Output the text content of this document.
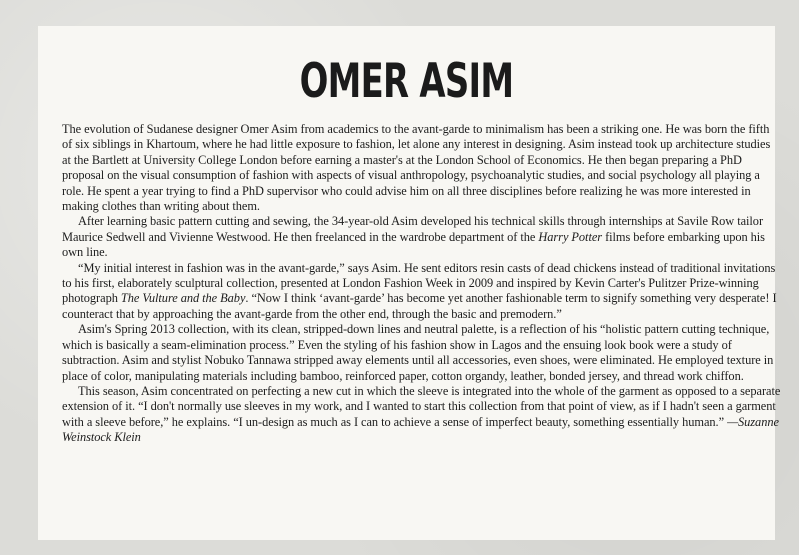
OMER ASIM

The evolution of Sudanese designer Omer Asim from academics to the avant-garde to minimalism has been a striking one. He was born the fifth of six siblings in Khartoum, where he had little exposure to fashion, let alone any interest in designing. Asim instead took up architecture studies at the Bartlett at University College London before earning a master's at the London School of Economics. He then began preparing a PhD proposal on the visual consumption of fashion with aspects of visual anthropology, psychoanalytic studies, and social psychology all playing a role. He spent a year trying to find a PhD supervisor who could advise him on all three disciplines before realizing he was more interested in making clothes than writing about them.

After learning basic pattern cutting and sewing, the 34-year-old Asim developed his technical skills through internships at Savile Row tailor Maurice Sedwell and Vivienne Westwood. He then freelanced in the wardrobe department of the Harry Potter films before embarking upon his own line.

“My initial interest in fashion was in the avant-garde,” says Asim. He sent editors resin casts of dead chickens instead of traditional invitations to his first, elaborately sculptural collection, presented at London Fashion Week in 2009 and inspired by Kevin Carter's Pulitzer Prize-winning photograph The Vulture and the Baby. “Now I think ‘avant-garde’ has become yet another fashionable term to signify something very desperate! I counteract that by approaching the avant-garde from the other end, through the basic and premodern.”

Asim's Spring 2013 collection, with its clean, stripped-down lines and neutral palette, is a reflection of his “holistic pattern cutting technique, which is basically a seam-elimination process.” Even the styling of his fashion show in Lagos and the ensuing look book were a study of subtraction. Asim and stylist Nobuko Tannawa stripped away elements until all accessories, even shoes, were eliminated. He employed texture in place of color, manipulating materials including bamboo, reinforced paper, cotton organdy, leather, bonded jersey, and thread work chiffon.

This season, Asim concentrated on perfecting a new cut in which the sleeve is integrated into the whole of the garment as opposed to a separate extension of it. “I don't normally use sleeves in my work, and I wanted to start this collection from that point of view, as if I hadn't seen a garment with a sleeve before,” he explains. “I un-design as much as I can to achieve a sense of imperfect beauty, something essentially human.” —Suzanne Weinstock Klein
